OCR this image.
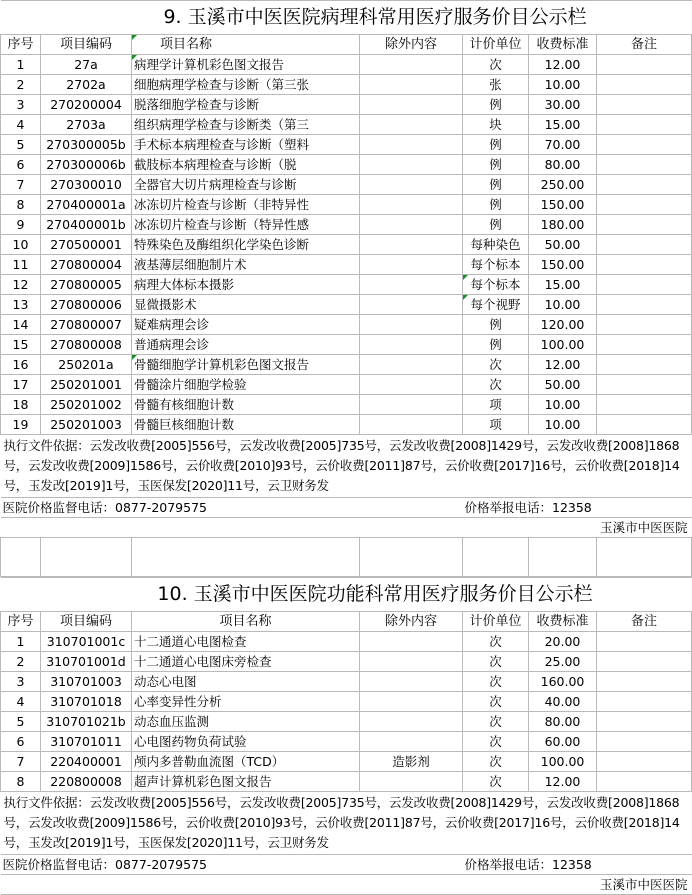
9. 玉溪市中医医院病理科常用医疗服务价目公示栏						
序号	项目编码	项目名称	除外内容	计价单位	收费标准	备注
1	27a	病理学计算机彩色图文报告		次	12.00	
2	2702a	细胞病理学检查与诊断（第三张		张	10.00	
3	270200004	脱落细胞学检查与诊断		例	30.00	
4	2703a	组织病理学检查与诊断类（第三		块	15.00	
5	270300005b	手术标本病理检查与诊断（塑料		例	70.00	
6	270300006b	截肢标本病理检查与诊断（脱		例	80.00	
7	270300010	全器官大切片病理检查与诊断		例	250.00	
8	270400001a	冰冻切片检查与诊断（非特异性		例	150.00	
9	270400001b	冰冻切片检查与诊断（特异性感		例	180.00	
10	270500001	特殊染色及酶组织化学染色诊断		每种染色	50.00	
11	270800004	液基薄层细胞制片术		每个标本	150.00	
12	270800005	病理大体标本摄影		每个标本	15.00	
13	270800006	显微摄影术		每个视野	10.00	
14	270800007	疑难病理会诊		例	120.00	
15	270800008	普通病理会诊		例	100.00	
16	250201a	骨髓细胞学计算机彩色图文报告		次	12.00	
17	250201001	骨髓涂片细胞学检验		次	50.00	
18	250201002	骨髓有核细胞计数		项	10.00	
19	250201003	骨髓巨核细胞计数		项	10.00	
执行文件依据：云发改收费[2005]556号，云发改收费[2005]735号，云发改收费[2008]1429号，云发改收费[2008]1868号，云发改收费[2009]1586号，云价收费[2010]93号，云价收费[2011]87号，云价收费[2017]16号，云价收费[2018]14号，玉发改[2019]1号，玉医保发[2020]11号，云卫财务发						
医院价格监督电话：0877-2079575				价格举报电话：12358		
玉溪市中医医院						

10. 玉溪市中医医院功能科常用医疗服务价目公示栏						
序号	项目编码	项目名称	除外内容	计价单位	收费标准	备注
1	310701001c	十二通道心电图检查		次	20.00	
2	310701001d	十二通道心电图床旁检查		次	25.00	
3	310701003	动态心电图		次	160.00	
4	310701018	心率变异性分析		次	40.00	
5	310701021b	动态血压监测		次	80.00	
6	310701011	心电图药物负荷试验		次	60.00	
7	220400001	颅内多普勒血流图（TCD）	造影剂	次	100.00	
8	220800008	超声计算机彩色图文报告		次	12.00	
执行文件依据：云发改收费[2005]556号，云发改收费[2005]735号，云发改收费[2008]1429号，云发改收费[2008]1868号，云发改收费[2009]1586号，云价收费[2010]93号，云价收费[2011]87号，云价收费[2017]16号，云价收费[2018]14号，玉发改[2019]1号，玉医保发[2020]11号，云卫财务发						
医院价格监督电话：0877-2079575				价格举报电话：12358		
玉溪市中医医院						
